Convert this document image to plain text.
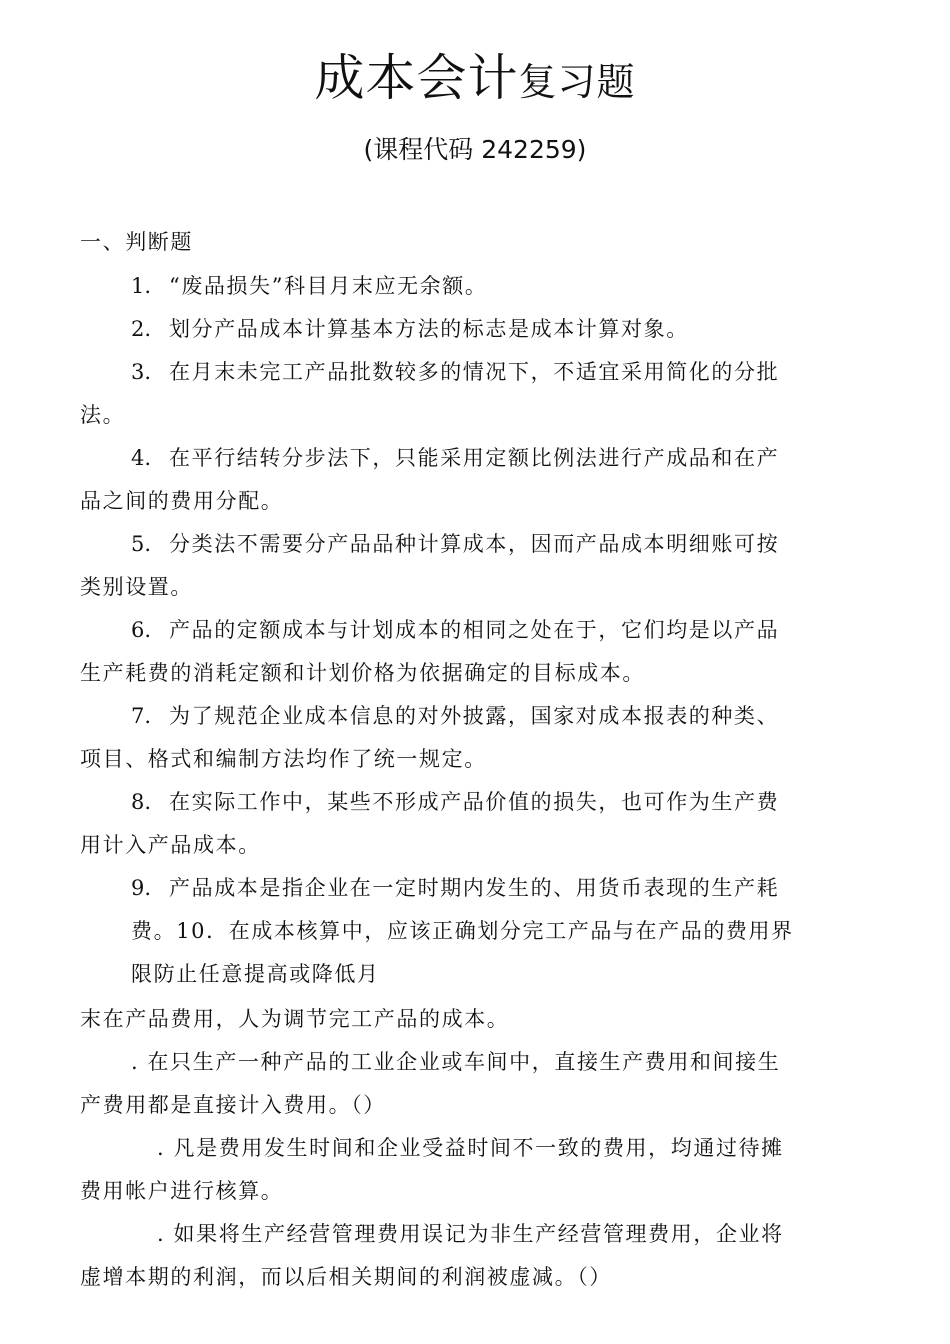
成本会计复习题
(课程代码 242259)
一、判断题
1. “废品损失”科目月末应无余额。
2. 划分产品成本计算基本方法的标志是成本计算对象。
3. 在月末未完工产品批数较多的情况下，不适宜采用简化的分批
法。
4. 在平行结转分步法下，只能采用定额比例法进行产成品和在产
品之间的费用分配。
5. 分类法不需要分产品品种计算成本，因而产品成本明细账可按
类别设置。
6. 产品的定额成本与计划成本的相同之处在于，它们均是以产品
生产耗费的消耗定额和计划价格为依据确定的目标成本。
7. 为了规范企业成本信息的对外披露，国家对成本报表的种类、
项目、格式和编制方法均作了统一规定。
8. 在实际工作中，某些不形成产品价值的损失，也可作为生产费
用计入产品成本。
9. 产品成本是指企业在一定时期内发生的、用货币表现的生产耗
费。10．在成本核算中，应该正确划分完工产品与在产品的费用界
限防止任意提高或降低月
末在产品费用，人为调节完工产品的成本。
. 在只生产一种产品的工业企业或车间中，直接生产费用和间接生
产费用都是直接计入费用。（）
. 凡是费用发生时间和企业受益时间不一致的费用，均通过待摊
费用帐户进行核算。
. 如果将生产经营管理费用误记为非生产经营管理费用，企业将
虚增本期的利润，而以后相关期间的利润被虚减。（）
